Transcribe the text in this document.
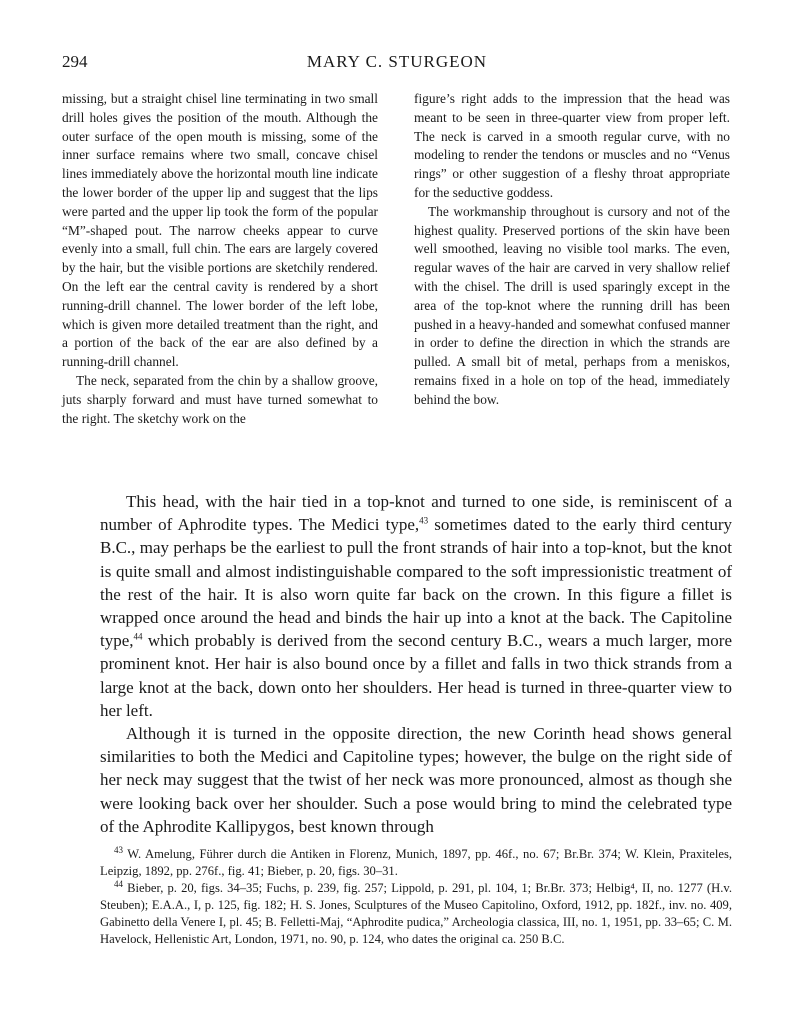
294	MARY C. STURGEON

missing, but a straight chisel line terminating in two small drill holes gives the position of the mouth. Although the outer surface of the open mouth is missing, some of the inner surface remains where two small, concave chisel lines immediately above the horizontal mouth line indicate the lower border of the upper lip and suggest that the lips were parted and the upper lip took the form of the popular “M”-shaped pout. The narrow cheeks appear to curve evenly into a small, full chin. The ears are largely covered by the hair, but the visible portions are sketchily rendered. On the left ear the central cavity is rendered by a short running-drill channel. The lower border of the left lobe, which is given more detailed treatment than the right, and a portion of the back of the ear are also defined by a running-drill channel.

The neck, separated from the chin by a shallow groove, juts sharply forward and must have turned somewhat to the right. The sketchy work on the

figure’s right adds to the impression that the head was meant to be seen in three-quarter view from proper left. The neck is carved in a smooth regular curve, with no modeling to render the tendons or muscles and no “Venus rings” or other suggestion of a fleshy throat appropriate for the seductive goddess.

The workmanship throughout is cursory and not of the highest quality. Preserved portions of the skin have been well smoothed, leaving no visible tool marks. The even, regular waves of the hair are carved in very shallow relief with the chisel. The drill is used sparingly except in the area of the top-knot where the running drill has been pushed in a heavy-handed and somewhat confused manner in order to define the direction in which the strands are pulled. A small bit of metal, perhaps from a meniskos, remains fixed in a hole on top of the head, immediately behind the bow.

This head, with the hair tied in a top-knot and turned to one side, is reminiscent of a number of Aphrodite types. The Medici type,$^{43}$ sometimes dated to the early third century B.C., may perhaps be the earliest to pull the front strands of hair into a top-knot, but the knot is quite small and almost indistinguishable compared to the soft impressionistic treatment of the rest of the hair. It is also worn quite far back on the crown. In this figure a fillet is wrapped once around the head and binds the hair up into a knot at the back. The Capitoline type,$^{44}$ which probably is derived from the second century B.C., wears a much larger, more prominent knot. Her hair is also bound once by a fillet and falls in two thick strands from a large knot at the back, down onto her shoulders. Her head is turned in three-quarter view to her left.

Although it is turned in the opposite direction, the new Corinth head shows general similarities to both the Medici and Capitoline types; however, the bulge on the right side of her neck may suggest that the twist of her neck was more pronounced, almost as though she were looking back over her shoulder. Such a pose would bring to mind the celebrated type of the Aphrodite Kallipygos, best known through

$^{43}$ W. Amelung, Führer durch die Antiken in Florenz, Munich, 1897, pp. 46f., no. 67; Br.Br. 374; W. Klein, Praxiteles, Leipzig, 1892, pp. 276f., fig. 41; Bieber, p. 20, figs. 30–31.

$^{44}$ Bieber, p. 20, figs. 34–35; Fuchs, p. 239, fig. 257; Lippold, p. 291, pl. 104, 1; Br.Br. 373; Helbig⁴, II, no. 1277 (H.v. Steuben); E.A.A., I, p. 125, fig. 182; H. S. Jones, Sculptures of the Museo Capitolino, Oxford, 1912, pp. 182f., inv. no. 409, Gabinetto della Venere I, pl. 45; B. Felletti-Maj, “Aphrodite pudica,” Archeologia classica, III, no. 1, 1951, pp. 33–65; C. M. Havelock, Hellenistic Art, London, 1971, no. 90, p. 124, who dates the original ca. 250 B.C.
